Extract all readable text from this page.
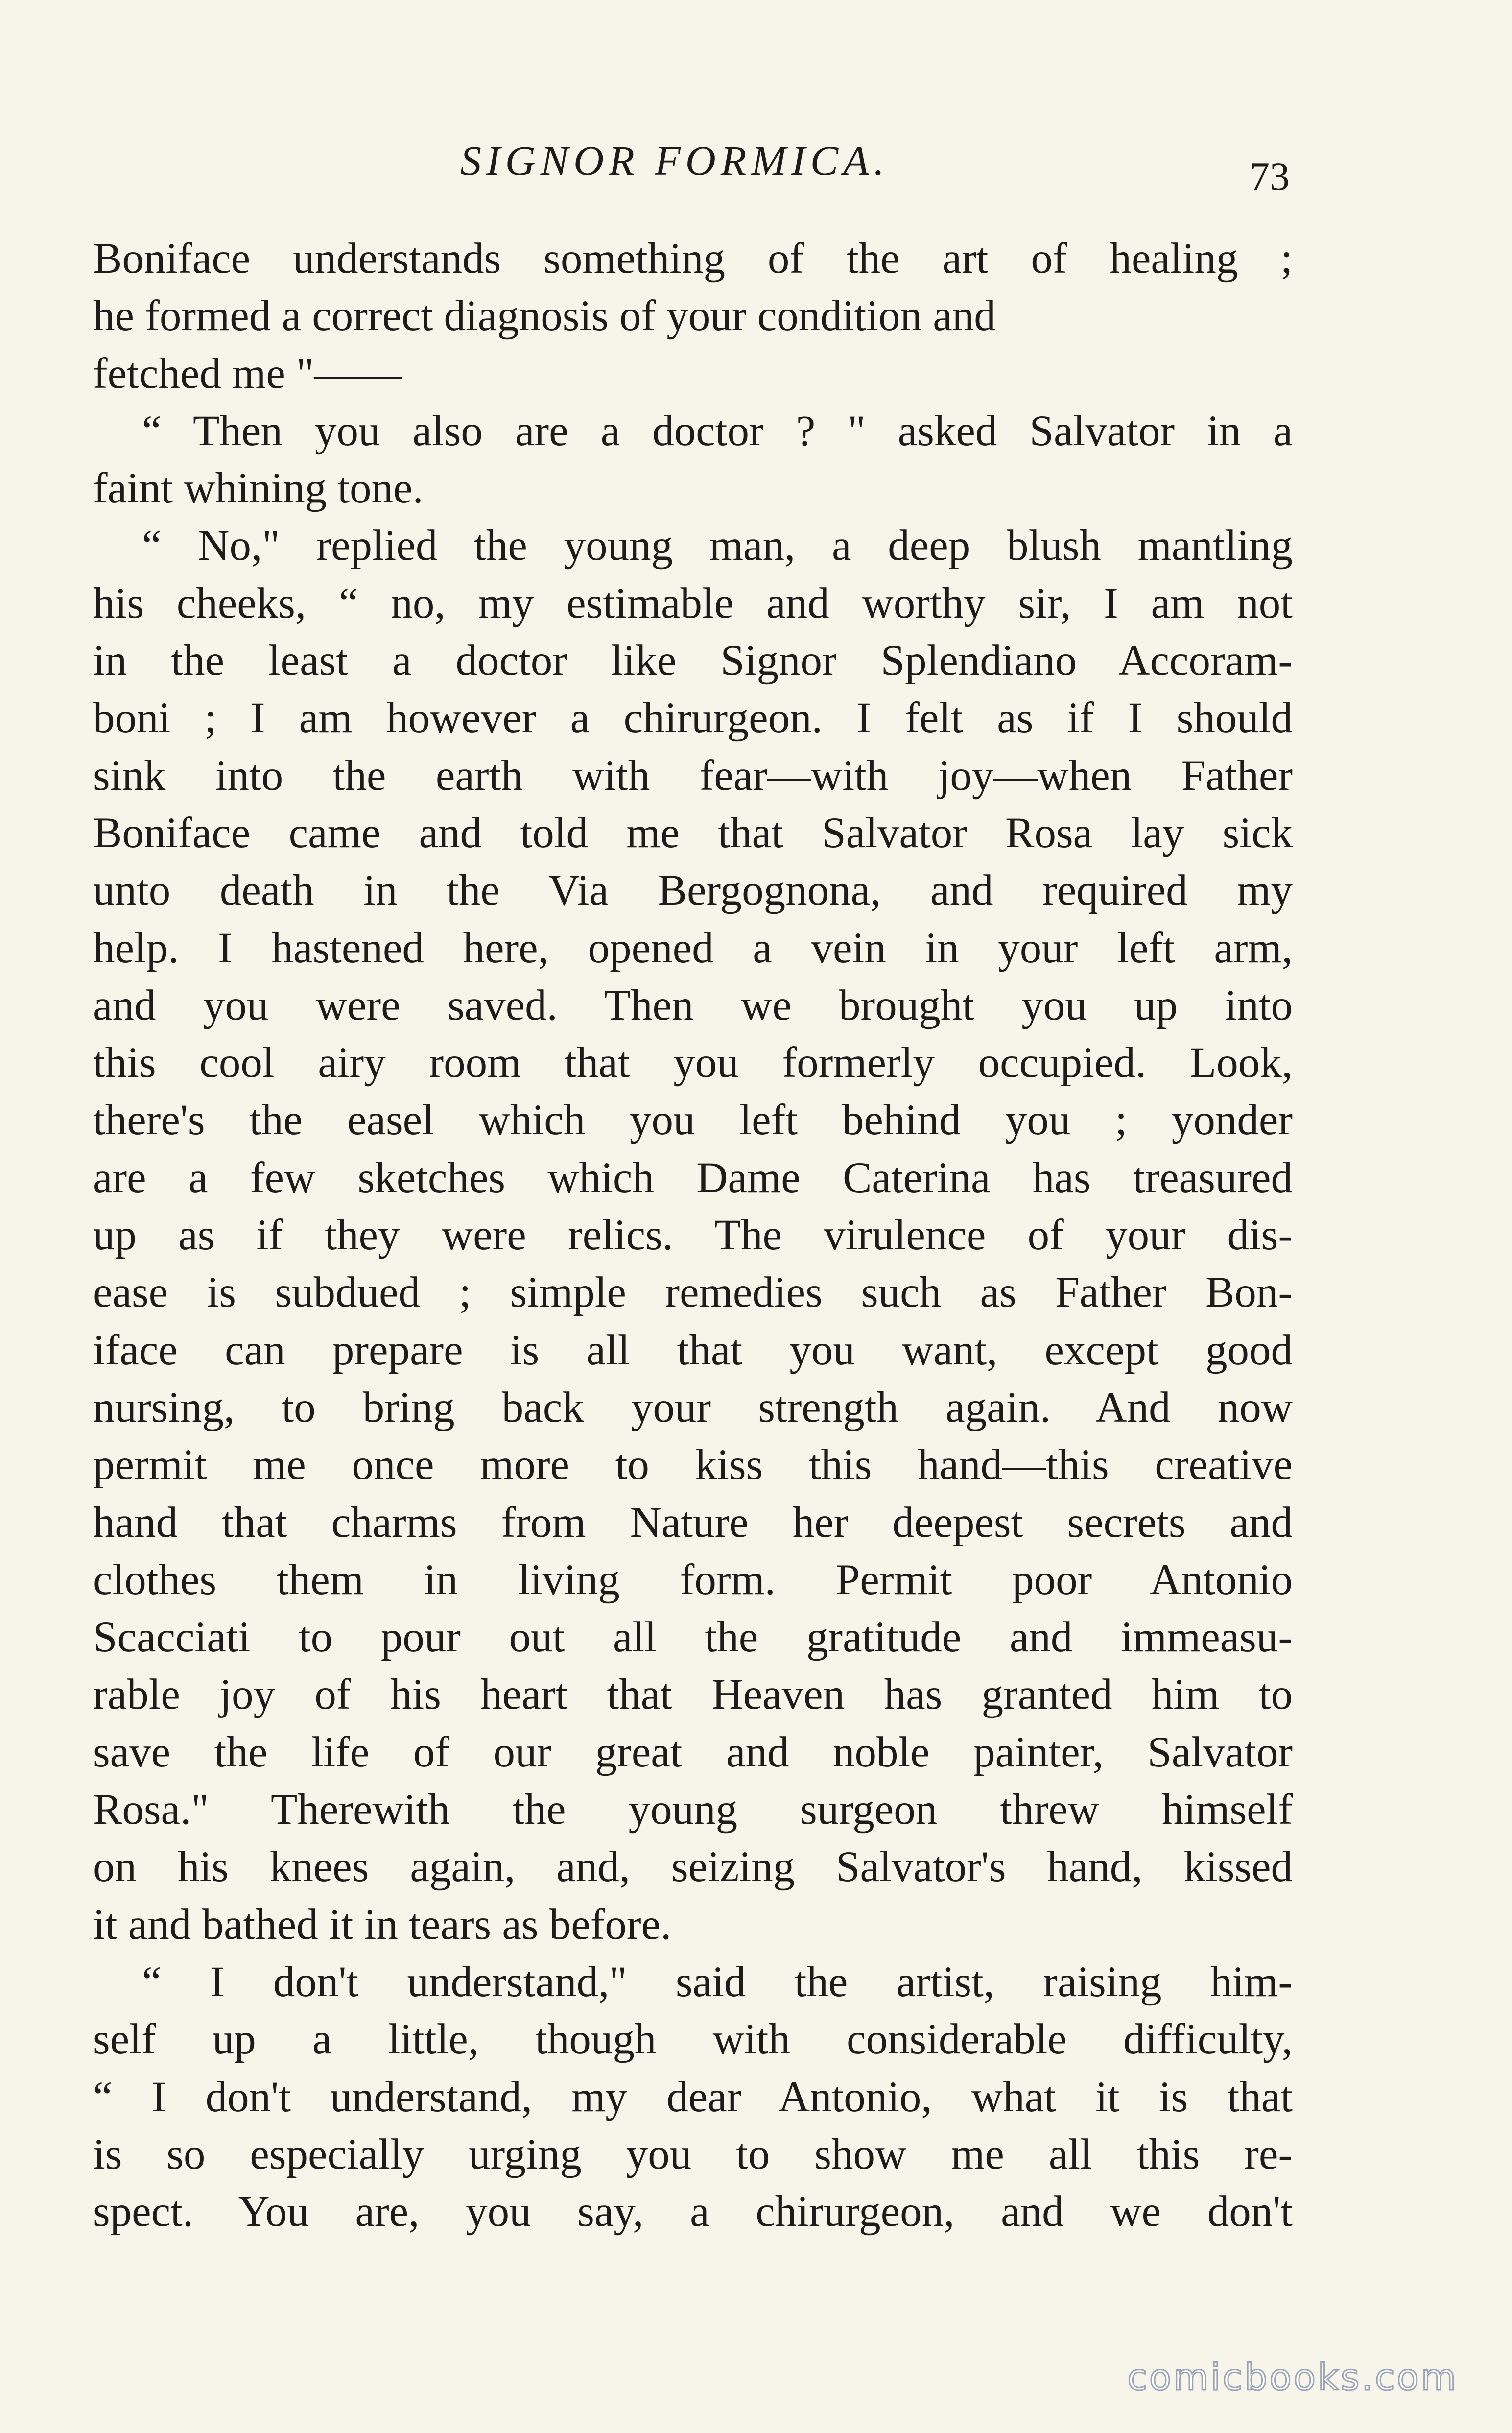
SIGNOR FORMICA.	73
Boniface understands something of the art of healing ;
he formed a correct diagnosis of your condition and
fetched me "——
“ Then you also are a doctor ? " asked Salvator in a
faint whining tone.
“ No," replied the young man, a deep blush mantling
his cheeks, “ no, my estimable and worthy sir, I am not
in the least a doctor like Signor Splendiano Accoram-
boni ; I am however a chirurgeon. I felt as if I should
sink into the earth with fear—with joy—when Father
Boniface came and told me that Salvator Rosa lay sick
unto death in the Via Bergognona, and required my
help. I hastened here, opened a vein in your left arm,
and you were saved. Then we brought you up into
this cool airy room that you formerly occupied. Look,
there's the easel which you left behind you ; yonder
are a few sketches which Dame Caterina has treasured
up as if they were relics. The virulence of your dis-
ease is subdued ; simple remedies such as Father Bon-
iface can prepare is all that you want, except good
nursing, to bring back your strength again. And now
permit me once more to kiss this hand—this creative
hand that charms from Nature her deepest secrets and
clothes them in living form. Permit poor Antonio
Scacciati to pour out all the gratitude and immeasu-
rable joy of his heart that Heaven has granted him to
save the life of our great and noble painter, Salvator
Rosa." Therewith the young surgeon threw himself
on his knees again, and, seizing Salvator's hand, kissed
it and bathed it in tears as before.
“ I don't understand," said the artist, raising him-
self up a little, though with considerable difficulty,
“ I don't understand, my dear Antonio, what it is that
is so especially urging you to show me all this re-
spect. You are, you say, a chirurgeon, and we don't
comicbooks.com
